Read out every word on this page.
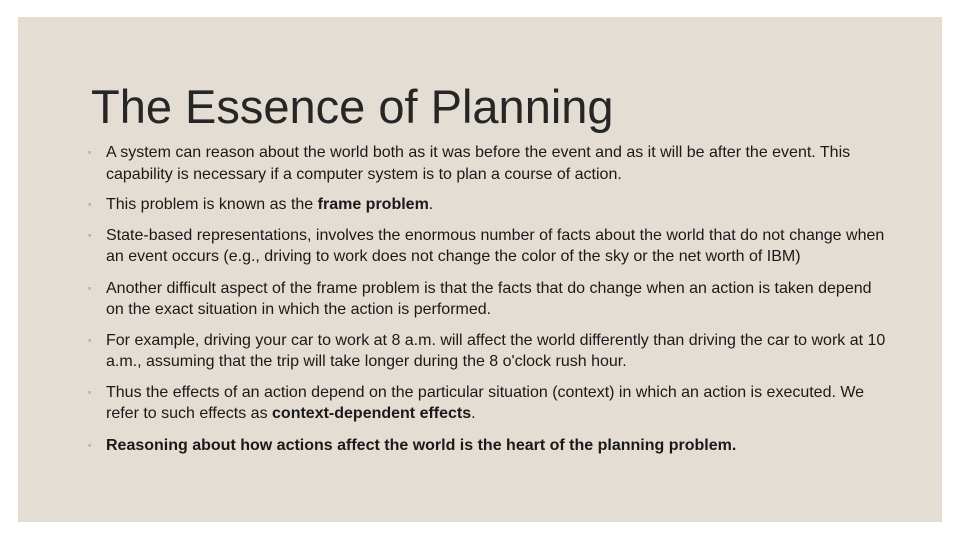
The Essence of Planning
◦ A system can reason about the world both as it was before the event and as it will be after the event. This capability is necessary if a computer system is to plan a course of action.
◦ This problem is known as the frame problem.
◦ State-based representations, involves the enormous number of facts about the world that do not change when an event occurs (e.g., driving to work does not change the color of the sky or the net worth of IBM)
◦ Another difficult aspect of the frame problem is that the facts that do change when an action is taken depend on the exact situation in which the action is performed.
◦ For example, driving your car to work at 8 a.m. will affect the world differently than driving the car to work at 10 a.m., assuming that the trip will take longer during the 8 o'clock rush hour.
◦ Thus the effects of an action depend on the particular situation (context) in which an action is executed. We refer to such effects as context-dependent effects.
◦ Reasoning about how actions affect the world is the heart of the planning problem.
